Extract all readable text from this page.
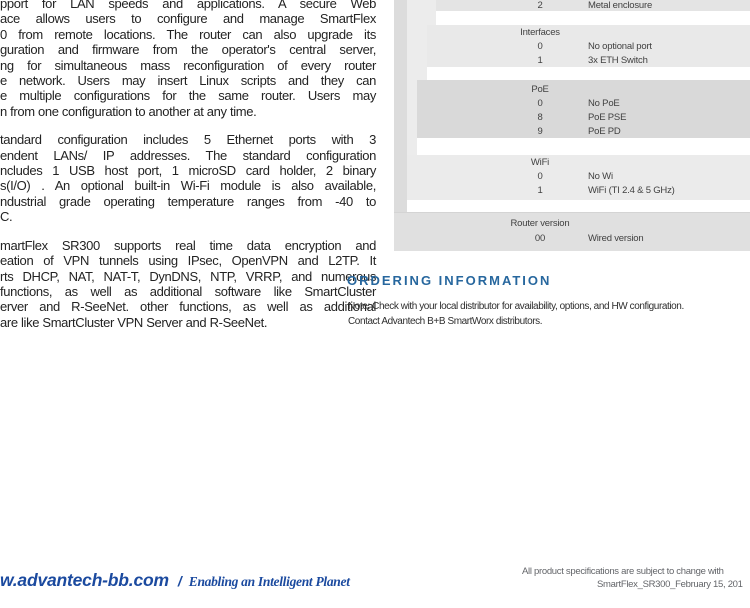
pport for LAN speeds and applications. A secure Web
ace allows users to configure and manage SmartFlex
0 from remote locations. The router can also upgrade its
guration and firmware from the operator's central server,
ng for simultaneous mass reconfiguration of every router
e network. Users may insert Linux scripts and they can
e multiple configurations for the same router. Users may
n from one configuration to another at any time.
tandard configuration includes 5 Ethernet ports with 3
endent LANs/ IP addresses. The standard configuration
ncludes 1 USB host port, 1 microSD card holder, 2 binary
s(I/O) . An optional built-in Wi-Fi module is also available,
ndustrial grade operating temperature ranges from -40 to
C.
martFlex SR300 supports real time data encryption and
eation of VPN tunnels using IPsec, OpenVPN and L2TP. It
rts DHCP, NAT, NAT-T, DynDNS, NTP, VRRP, and numerous
functions, as well as additional software like SmartCluster
erver and R-SeeNet. other functions, as well as additional
are like SmartCluster VPN Server and R-SeeNet.
2	Metal enclosure
Interfaces
0	No optional port
1	3x ETH Switch
PoE
0	No PoE
8	PoE PSE
9	PoE PD
WiFi
0	No Wi
1	WiFi (TI 2.4 & 5 GHz)
Router version
00	Wired version
ORDERING INFORMATION
Note: Check with your local distributor for availability, options, and HW configuration.
Contact Advantech B+B SmartWorx distributors.
w.advantech-bb.com / Enabling an Intelligent Planet
All product specifications are subject to change with
SmartFlex_SR300_February 15, 201
